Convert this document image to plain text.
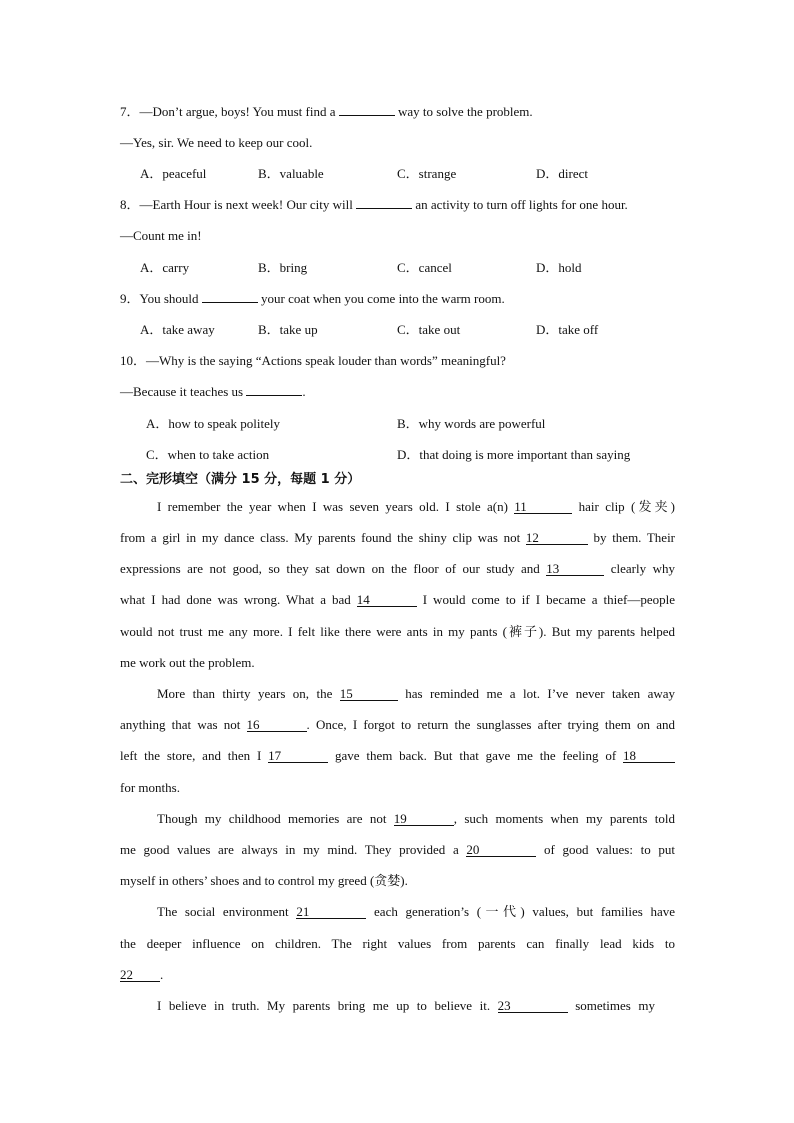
7．—Don’t argue, boys! You must find a	way to solve the problem.
—Yes, sir. We need to keep our cool.
A．peaceful	B．valuable	C．strange	D．direct
8．—Earth Hour is next week! Our city will	an activity to turn off lights for one hour.
—Count me in!
A．carry	B．bring	C．cancel	D．hold
9．You should	your coat when you come into the warm room.
A．take away	B．take up	C．take out	D．take off
10．—Why is the saying “Actions speak louder than words” meaningful?
—Because it teaches us	.
A．how to speak politely	B．why words are powerful
C．when to take action	D．that doing is more important than saying
二、完形填空（满分 15 分，每题 1 分）
I remember the year when I was seven years old. I stole a(n) 11	hair clip (发夹)
from a girl in my dance class. My parents found the shiny clip was not 12	by them. Their
expressions are not good, so they sat down on the floor of our study and 13	clearly why
what I had done was wrong. What a bad 14	I would come to if I became a thief—people
would not trust me any more. I felt like there were ants in my pants (裤子). But my parents helped
me work out the problem.
More than thirty years on, the 15	has reminded me a lot. I’ve never taken away
anything that was not 16	. Once, I forgot to return the sunglasses after trying them on and
left the store, and then I 17	gave them back. But that gave me the feeling of 18
for months.
Though my childhood memories are not 19	, such moments when my parents told
me good values are always in my mind. They provided a 20	of good values: to put
myself in others’ shoes and to control my greed (贪婪).
The social environment 21	each generation’s (一代) values, but families have
the deeper influence on children. The right values from parents can finally lead kids to
22 .
I believe in truth. My parents bring me up to believe it. 23	sometimes my
